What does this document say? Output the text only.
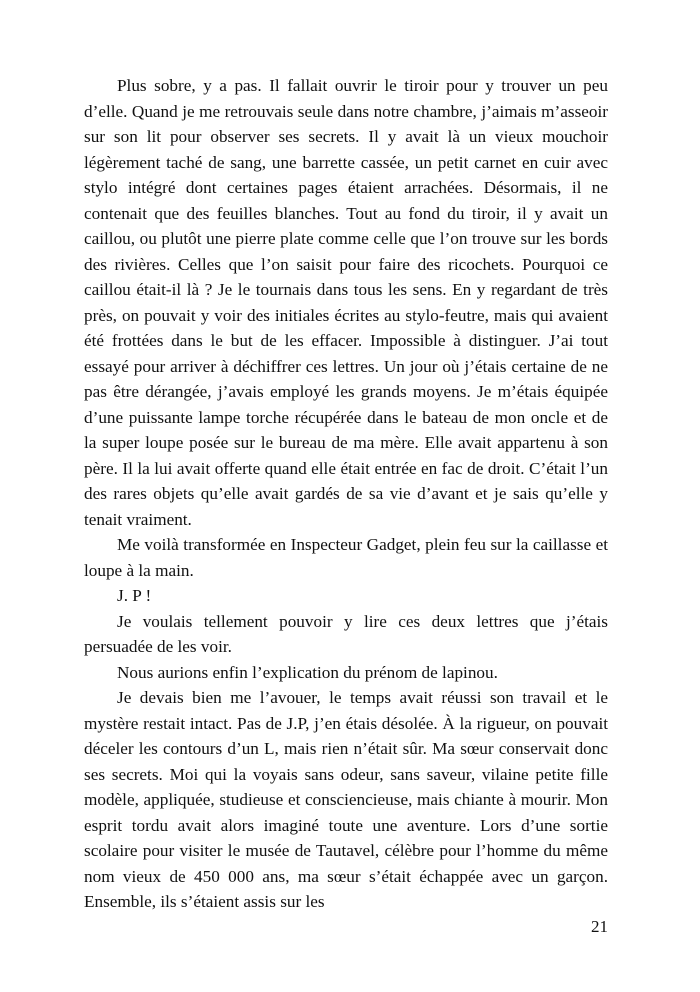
Plus sobre, y a pas. Il fallait ouvrir le tiroir pour y trouver un peu d’elle. Quand je me retrouvais seule dans notre chambre, j’aimais m’asseoir sur son lit pour observer ses secrets. Il y avait là un vieux mouchoir légèrement taché de sang, une barrette cassée, un petit carnet en cuir avec stylo intégré dont certaines pages étaient arrachées. Désormais, il ne contenait que des feuilles blanches. Tout au fond du tiroir, il y avait un caillou, ou plutôt une pierre plate comme celle que l’on trouve sur les bords des rivières. Celles que l’on saisit pour faire des ricochets. Pourquoi ce caillou était-il là ? Je le tournais dans tous les sens. En y regardant de très près, on pouvait y voir des initiales écrites au stylo-feutre, mais qui avaient été frottées dans le but de les effacer. Impossible à distinguer. J’ai tout essayé pour arriver à déchiffrer ces lettres. Un jour où j’étais certaine de ne pas être dérangée, j’avais employé les grands moyens. Je m’étais équipée d’une puissante lampe torche récupérée dans le bateau de mon oncle et de la super loupe posée sur le bureau de ma mère. Elle avait appartenu à son père. Il la lui avait offerte quand elle était entrée en fac de droit. C’était l’un des rares objets qu’elle avait gardés de sa vie d’avant et je sais qu’elle y tenait vraiment.

Me voilà transformée en Inspecteur Gadget, plein feu sur la caillasse et loupe à la main.

J. P !

Je voulais tellement pouvoir y lire ces deux lettres que j’étais persuadée de les voir.

Nous aurions enfin l’explication du prénom de lapinou.

Je devais bien me l’avouer, le temps avait réussi son travail et le mystère restait intact. Pas de J.P, j’en étais désolée. À la rigueur, on pouvait déceler les contours d’un L, mais rien n’était sûr. Ma sœur conservait donc ses secrets. Moi qui la voyais sans odeur, sans saveur, vilaine petite fille modèle, appliquée, studieuse et consciencieuse, mais chiante à mourir. Mon esprit tordu avait alors imaginé toute une aventure. Lors d’une sortie scolaire pour visiter le musée de Tautavel, célèbre pour l’homme du même nom vieux de 450 000 ans, ma sœur s’était échappée avec un garçon. Ensemble, ils s’étaient assis sur les

21
